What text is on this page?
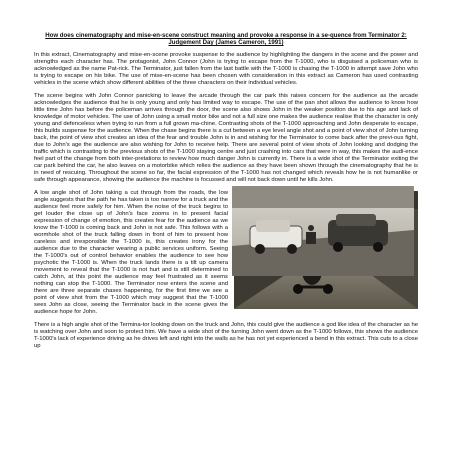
How does cinematography and mise-en-scene construct meaning and provoke a response in a se-quence from Terminator 2: Judgement Day (James Cameron, 1991)

In this extract, Cinematography and mise-en-scene provoke suspense to the audience by highlighting the dangers in the scene and the power and strengths each character has. The protagonist, John Connor (John is trying to escape from the T-1000, who is disguised a policeman who is acknowledged as the name Pat-rick. The Terminator, just fallen from the last battle with the T-1000 is chasing the T-1000 in attempt save John who is trying to escape on his bike. The use of mise-en-scene has been chosen with consideration in this extract as Cameron has used contrasting vehicles in the scene which show different abilities of the three characters on their individual vehicles.

The scene begins with John Connor panicking to leave the arcade through the car park this raises concern for the audience as the arcade acknowledges the audience that he is only young and only has limited way to escape. The use of the pan shot allows the audience to know how little time John has before the policeman arrives through the door, the scene also shows John in the weaker position due to his age and lack of knowledge of motor vehicles. The use of John using a small motor bike and not a full size one makes the audience realise that the character is only young and defenceless when trying to run from a full grown ma-chine. Contrasting shots of the T-1000 approaching and John desperate to escape, this builds suspense for the audience. When the chase begins there is a cut between a eye level angle shot and a point of view shot of John turning back, the point of view shot creates an idea of the fear and trouble John is in and wishing for the Terminator to come back after the previ-ous fight, due to John's age the audience are also wishing for John to receive help. There are several point of view shots of John looking and dodging the traffic which is contrasting to the previous shots of the T-1000 staying centre and just crashing into cars that were in way, this makes the audi-ence feel part of the change from both inter-pretations to review how much danger John is currently in. There is a wide shot of the Terminator exiting the car park behind the car, he also leaves on a motorbike which relies the audience as they have been shown through the cinematography that he is in need of rescuing. Throughout the scene so far, the facial expression of the T-1000 has not changed which reveals how he is not humanlike or safe through appearance, showing the audience the machine is focussed and will not back down until he kills John.

A low angle shot of John taking a cut through from the roads, the low angle suggests that the path he has taken is too narrow for a truck and the audience feel more safely for him. When the noise of the truck begins to get louder the close up of John's face zooms in to present facial expression of change of emotion, this creates fear for the audience as we know the T-1000 is coming back and John is not safe. This follows with a wormhole shot of the truck falling down in front of him to present how careless and irresponsible the T-1000 is, this creates irony for the audience due to the character wearing a public services uniform. Seeing the T-1000's out of control behavior enables the audience to see how psychotic the T-1000 is. When the truck lands there is a tilt up camera movement to reveal that the T-1000 is not hurt and is still determined to catch John, at this point the audience may feel frustrated as it seems nothing can stop the T-1000. The Terminator now enters the scene and there are three separate chases happening, for the first time we see a point of view shot from the T-1000 which may suggest that the T-1000 sees John as close, seeing the Terminator back in the scene gives the audience hope for John.

There is a high angle shot of the Termina-tor looking down on the truck and John, this could give the audience a god like idea of the character as he is watching over John and soon to protect him. We have a wide shot of the turning John went down as the T-1000 follows, this shows the audience T-1000's lack of experience driving as he drives left and right into the walls as he has not yet experienced a bend in this extract. This cuts to a close up
